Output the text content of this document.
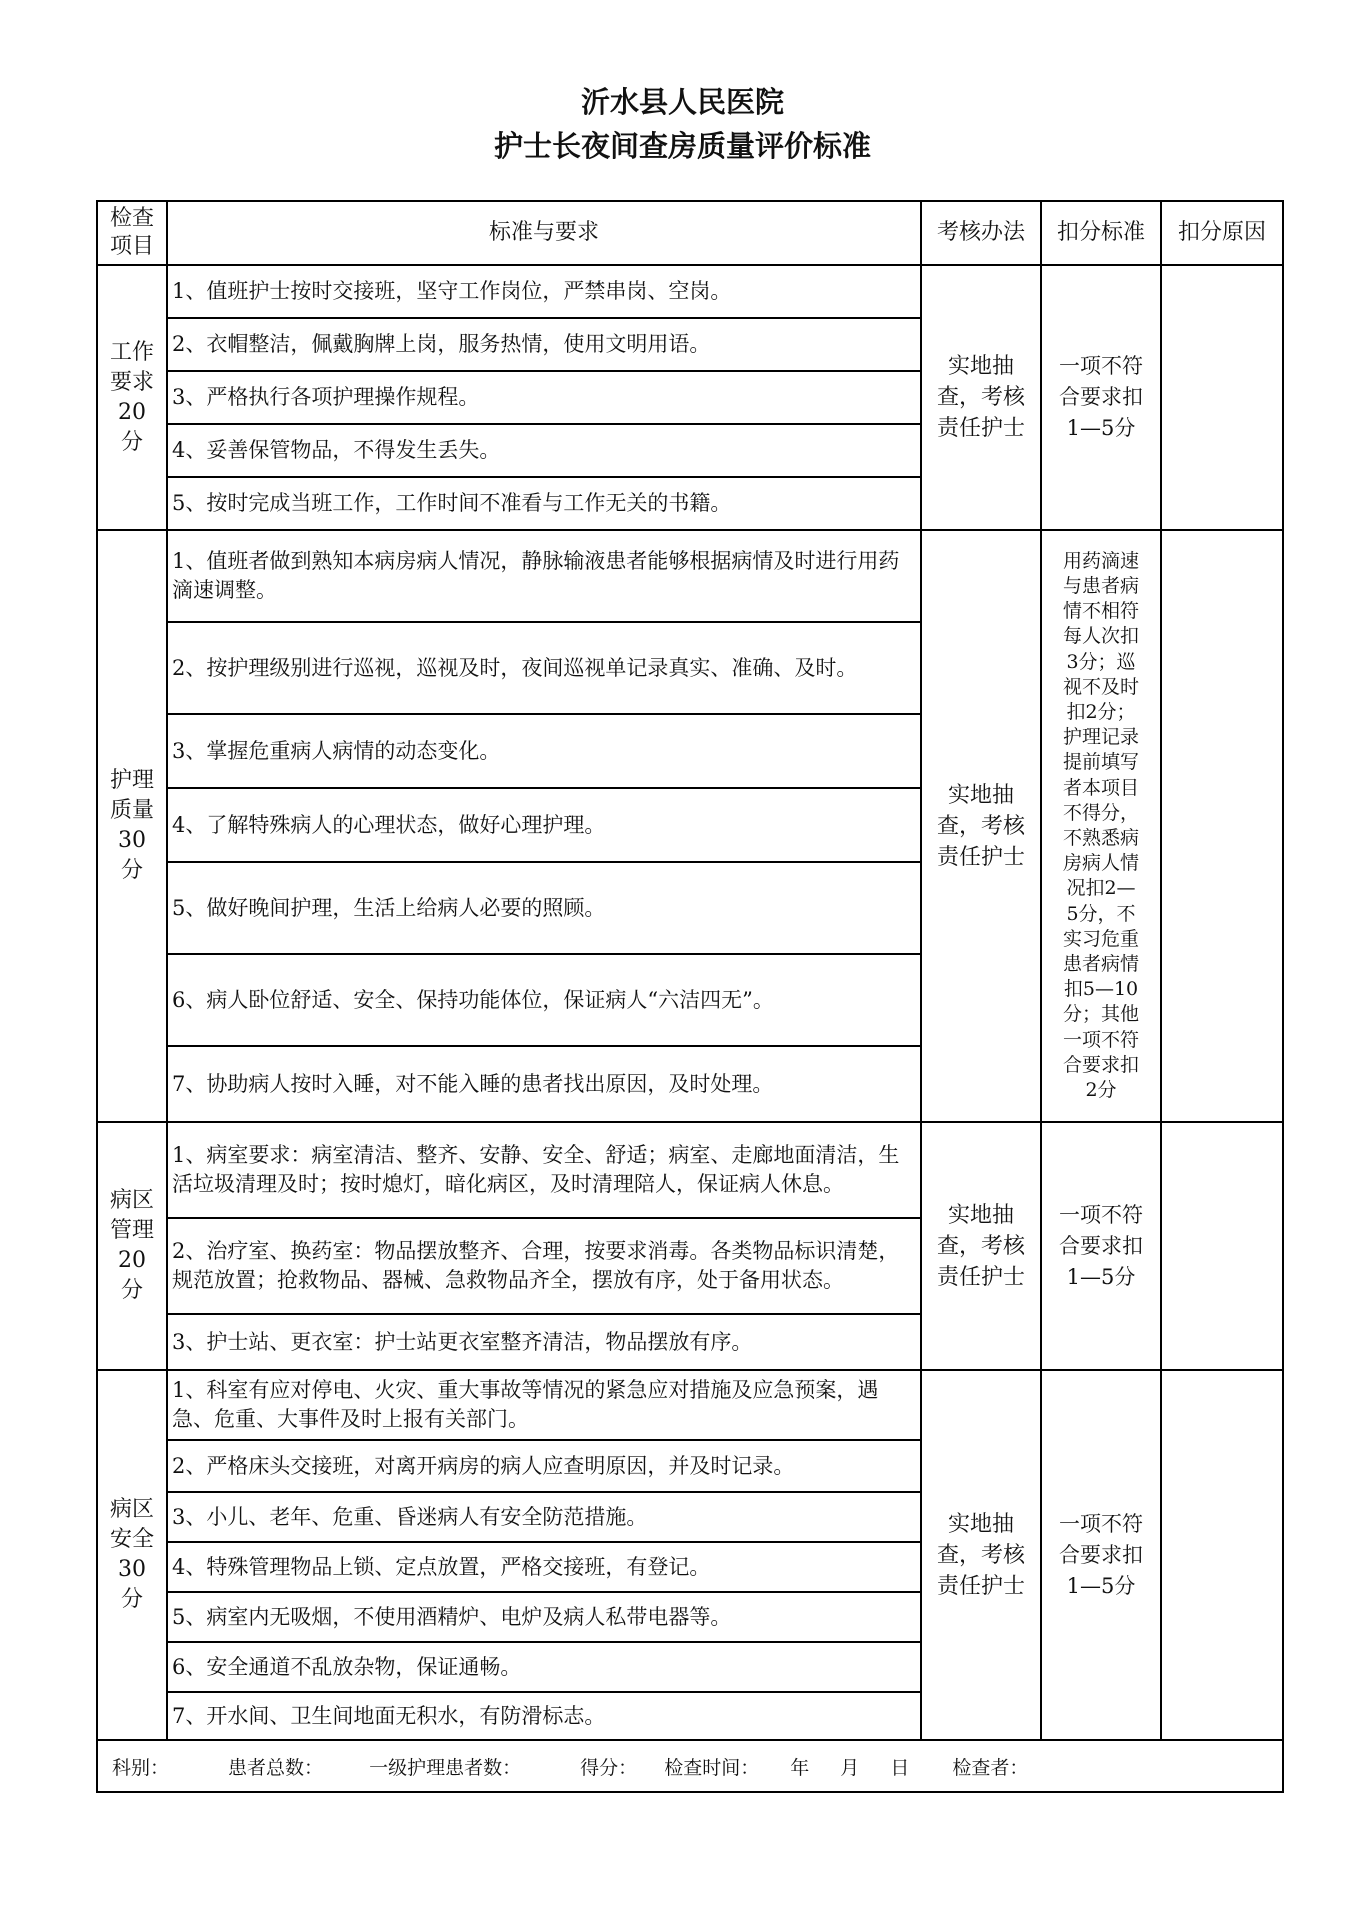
沂水县人民医院
护士长夜间查房质量评价标准
检查项目	标准与要求	考核办法	扣分标准	扣分原因

工作要求20分	1、值班护士按时交接班，坚守工作岗位，严禁串岗、空岗。	实地抽查，考核责任护士	一项不符合要求扣1—5分	

	2、衣帽整洁，佩戴胸牌上岗，服务热情，使用文明用语。			
	3、严格执行各项护理操作规程。			
	4、妥善保管物品，不得发生丢失。			
	5、按时完成当班工作，工作时间不准看与工作无关的书籍。			

护理质量30分	1、值班者做到熟知本病房病人情况，静脉输液患者能够根据病情及时进行用药滴速调整。	实地抽查，考核责任护士	用药滴速与患者病情不相符每人次扣3分；巡视不及时扣2分；护理记录提前填写者本项目不得分，不熟悉病房病人情况扣2—5分，不实习危重患者病情扣5—10分；其他一项不符合要求扣2分	

	2、按护理级别进行巡视，巡视及时，夜间巡视单记录真实、准确、及时。			
	3、掌握危重病人病情的动态变化。			
	4、了解特殊病人的心理状态，做好心理护理。			
	5、做好晚间护理，生活上给病人必要的照顾。			
	6、病人卧位舒适、安全、保持功能体位，保证病人“六洁四无”。			
	7、协助病人按时入睡，对不能入睡的患者找出原因，及时处理。			

病区管理20分	1、病室要求：病室清洁、整齐、安静、安全、舒适；病室、走廊地面清洁，生活垃圾清理及时；按时熄灯，暗化病区，及时清理陪人，保证病人休息。	实地抽查，考核责任护士	一项不符合要求扣1—5分	

	2、治疗室、换药室：物品摆放整齐、合理，按要求消毒。各类物品标识清楚，规范放置；抢救物品、器械、急救物品齐全，摆放有序，处于备用状态。			
	3、护士站、更衣室：护士站更衣室整齐清洁，物品摆放有序。			

病区安全30分	1、科室有应对停电、火灾、重大事故等情况的紧急应对措施及应急预案，遇急、危重、大事件及时上报有关部门。	实地抽查，考核责任护士	一项不符合要求扣1—5分	

	2、严格床头交接班，对离开病房的病人应查明原因，并及时记录。			
	3、小儿、老年、危重、昏迷病人有安全防范措施。			
	4、特殊管理物品上锁、定点放置，严格交接班，有登记。			
	5、病室内无吸烟，不使用酒精炉、电炉及病人私带电器等。			
	6、安全通道不乱放杂物，保证通畅。			
	7、开水间、卫生间地面无积水，有防滑标志。			
科别： 患者总数： 一级护理患者数： 得分： 检查时间： 年 月 日 检查者：				
